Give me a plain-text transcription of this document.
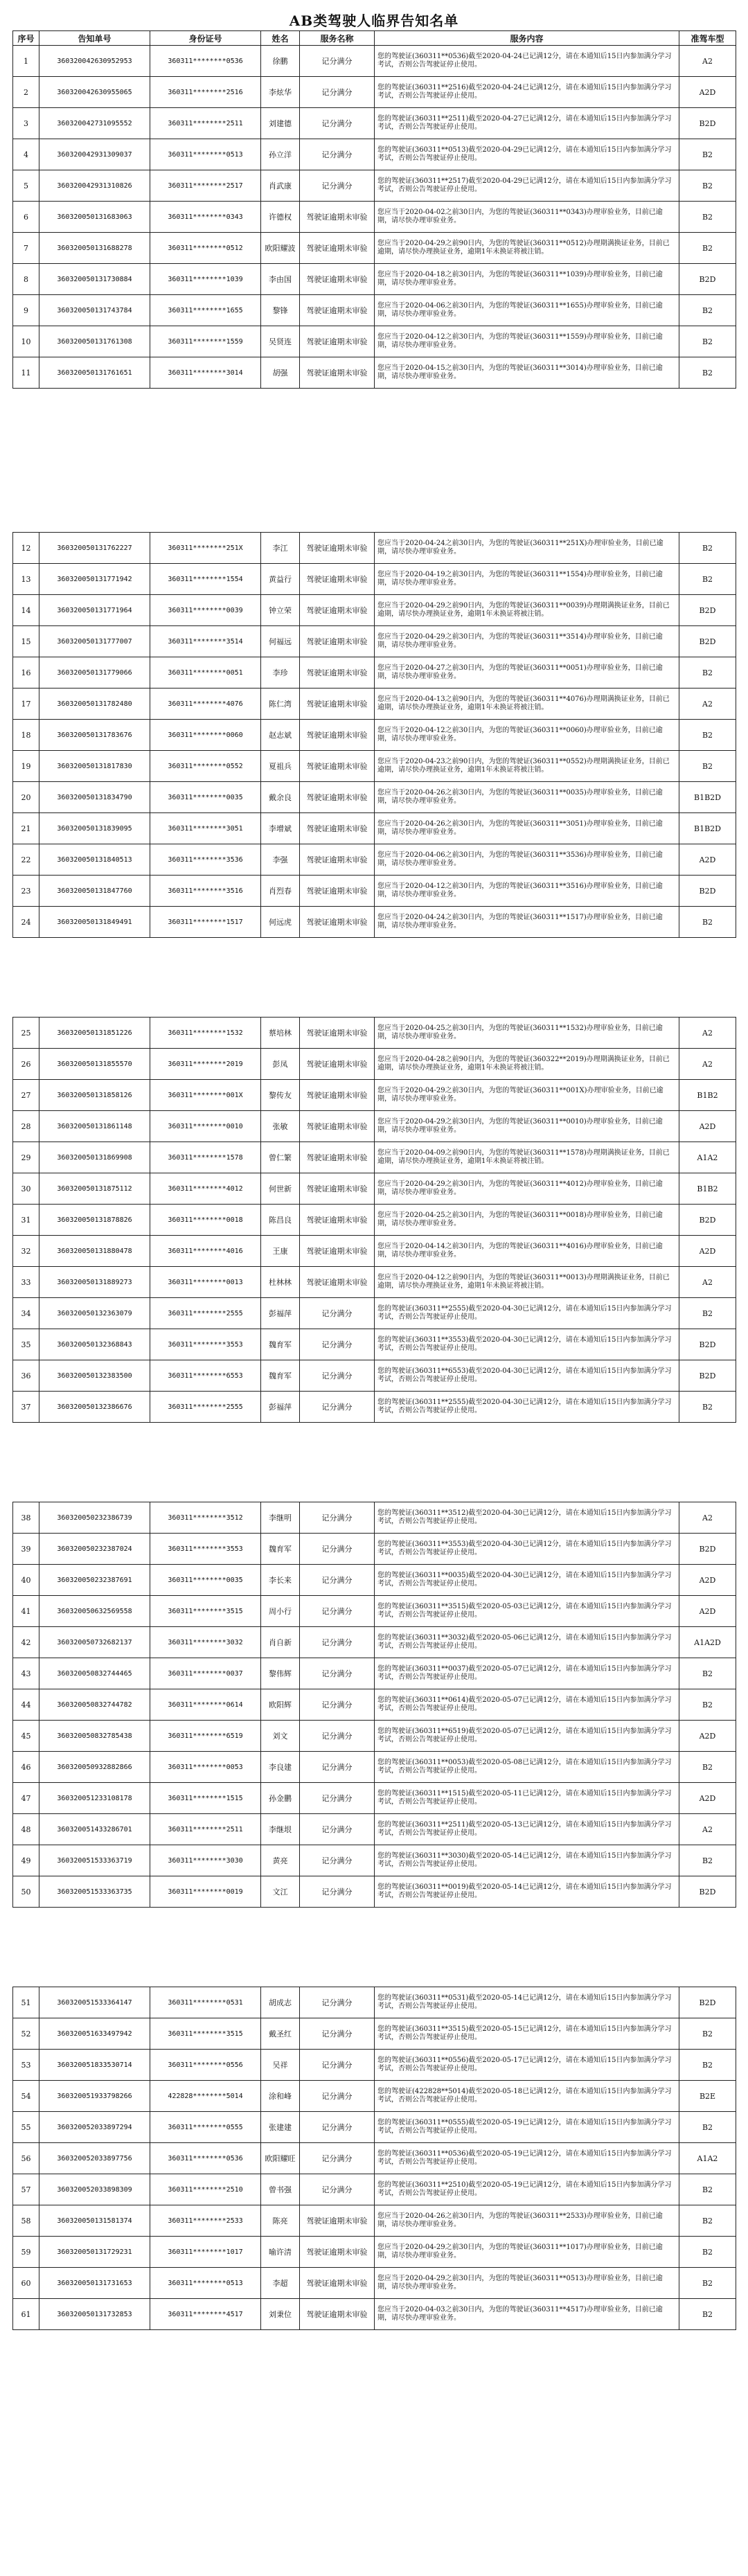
AB类驾驶人临界告知名单
序号	告知单号	身份证号	姓名	服务名称	服务内容	准驾车型
1	360320042630952953	360311********0536	徐鹏	记分满分	您的驾驶证(360311**0536)截至2020-04-24已记满12分，请在本通知后15日内参加满分学习考试，否则公告驾驶证停止使用。	A2
2	360320042630955065	360311********2516	李炫华	记分满分	您的驾驶证(360311**2516)截至2020-04-24已记满12分，请在本通知后15日内参加满分学习考试，否则公告驾驶证停止使用。	A2D
3	360320042731095552	360311********2511	刘建德	记分满分	您的驾驶证(360311**2511)截至2020-04-27已记满12分，请在本通知后15日内参加满分学习考试，否则公告驾驶证停止使用。	B2D
4	360320042931309037	360311********0513	孙立洋	记分满分	您的驾驶证(360311**0513)截至2020-04-29已记满12分，请在本通知后15日内参加满分学习考试，否则公告驾驶证停止使用。	B2
5	360320042931310826	360311********2517	肖武康	记分满分	您的驾驶证(360311**2517)截至2020-04-29已记满12分，请在本通知后15日内参加满分学习考试，否则公告驾驶证停止使用。	B2
6	360320050131683063	360311********0343	许德权	驾驶证逾期未审验	您应当于2020-04-02之前30日内，为您的驾驶证(360311**0343)办理审验业务，目前已逾期，请尽快办理审验业务。	B2
7	360320050131688278	360311********0512	欧阳耀波	驾驶证逾期未审验	您应当于2020-04-29之前90日内，为您的驾驶证(360311**0512)办理期满换证业务，目前已逾期，请尽快办理换证业务，逾期1年未换证将被注销。	B2
8	360320050131730884	360311********1039	李由国	驾驶证逾期未审验	您应当于2020-04-18之前30日内，为您的驾驶证(360311**1039)办理审验业务，目前已逾期，请尽快办理审验业务。	B2D
9	360320050131743784	360311********1655	黎锋	驾驶证逾期未审验	您应当于2020-04-06之前30日内，为您的驾驶证(360311**1655)办理审验业务，目前已逾期，请尽快办理审验业务。	B2
10	360320050131761308	360311********1559	吴贤连	驾驶证逾期未审验	您应当于2020-04-12之前30日内，为您的驾驶证(360311**1559)办理审验业务，目前已逾期，请尽快办理审验业务。	B2
11	360320050131761651	360311********3014	胡强	驾驶证逾期未审验	您应当于2020-04-15之前30日内，为您的驾驶证(360311**3014)办理审验业务，目前已逾期，请尽快办理审验业务。	B2
12	360320050131762227	360311********251X	李江	驾驶证逾期未审验	您应当于2020-04-24之前30日内，为您的驾驶证(360311**251X)办理审验业务，目前已逾期，请尽快办理审验业务。	B2
13	360320050131771942	360311********1554	黄益行	驾驶证逾期未审验	您应当于2020-04-19之前30日内，为您的驾驶证(360311**1554)办理审验业务，目前已逾期，请尽快办理审验业务。	B2
14	360320050131771964	360311********0039	钟立荣	驾驶证逾期未审验	您应当于2020-04-29之前90日内，为您的驾驶证(360311**0039)办理期满换证业务，目前已逾期，请尽快办理换证业务，逾期1年未换证将被注销。	B2D
15	360320050131777007	360311********3514	何福远	驾驶证逾期未审验	您应当于2020-04-29之前30日内，为您的驾驶证(360311**3514)办理审验业务，目前已逾期，请尽快办理审验业务。	B2D
16	360320050131779066	360311********0051	李珍	驾驶证逾期未审验	您应当于2020-04-27之前30日内，为您的驾驶证(360311**0051)办理审验业务，目前已逾期，请尽快办理审验业务。	B2
17	360320050131782480	360311********4076	陈仁湾	驾驶证逾期未审验	您应当于2020-04-13之前90日内，为您的驾驶证(360311**4076)办理期满换证业务，目前已逾期，请尽快办理换证业务，逾期1年未换证将被注销。	A2
18	360320050131783676	360311********0060	赵志斌	驾驶证逾期未审验	您应当于2020-04-12之前30日内，为您的驾驶证(360311**0060)办理审验业务，目前已逾期，请尽快办理审验业务。	B2
19	360320050131817830	360311********0552	夏祖兵	驾驶证逾期未审验	您应当于2020-04-23之前90日内，为您的驾驶证(360311**0552)办理期满换证业务，目前已逾期，请尽快办理换证业务，逾期1年未换证将被注销。	B2
20	360320050131834790	360311********0035	戴余良	驾驶证逾期未审验	您应当于2020-04-26之前30日内，为您的驾驶证(360311**0035)办理审验业务，目前已逾期，请尽快办理审验业务。	B1B2D
21	360320050131839095	360311********3051	李增斌	驾驶证逾期未审验	您应当于2020-04-26之前30日内，为您的驾驶证(360311**3051)办理审验业务，目前已逾期，请尽快办理审验业务。	B1B2D
22	360320050131840513	360311********3536	李强	驾驶证逾期未审验	您应当于2020-04-06之前30日内，为您的驾驶证(360311**3536)办理审验业务，目前已逾期，请尽快办理审验业务。	A2D
23	360320050131847760	360311********3516	肖烈春	驾驶证逾期未审验	您应当于2020-04-12之前30日内，为您的驾驶证(360311**3516)办理审验业务，目前已逾期，请尽快办理审验业务。	B2D
24	360320050131849491	360311********1517	何远虎	驾驶证逾期未审验	您应当于2020-04-24之前30日内，为您的驾驶证(360311**1517)办理审验业务，目前已逾期，请尽快办理审验业务。	B2
25	360320050131851226	360311********1532	蔡培林	驾驶证逾期未审验	您应当于2020-04-25之前30日内，为您的驾驶证(360311**1532)办理审验业务，目前已逾期，请尽快办理审验业务。	A2
26	360320050131855570	360311********2019	彭凤	驾驶证逾期未审验	您应当于2020-04-28之前90日内，为您的驾驶证(360322**2019)办理期满换证业务，目前已逾期，请尽快办理换证业务，逾期1年未换证将被注销。	A2
27	360320050131858126	360311********001X	黎传友	驾驶证逾期未审验	您应当于2020-04-29之前30日内，为您的驾驶证(360311**001X)办理审验业务，目前已逾期，请尽快办理审验业务。	B1B2
28	360320050131861148	360311********0010	张敏	驾驶证逾期未审验	您应当于2020-04-29之前30日内，为您的驾驶证(360311**0010)办理审验业务，目前已逾期，请尽快办理审验业务。	A2D
29	360320050131869908	360311********1578	曾仁繁	驾驶证逾期未审验	您应当于2020-04-09之前90日内，为您的驾驶证(360311**1578)办理期满换证业务，目前已逾期，请尽快办理换证业务，逾期1年未换证将被注销。	A1A2
30	360320050131875112	360311********4012	何世新	驾驶证逾期未审验	您应当于2020-04-29之前30日内，为您的驾驶证(360311**4012)办理审验业务，目前已逾期，请尽快办理审验业务。	B1B2
31	360320050131878826	360311********0018	陈昌良	驾驶证逾期未审验	您应当于2020-04-25之前30日内，为您的驾驶证(360311**0018)办理审验业务，目前已逾期，请尽快办理审验业务。	B2D
32	360320050131880478	360311********4016	王康	驾驶证逾期未审验	您应当于2020-04-14之前30日内，为您的驾驶证(360311**4016)办理审验业务，目前已逾期，请尽快办理审验业务。	A2D
33	360320050131889273	360311********0013	杜林林	驾驶证逾期未审验	您应当于2020-04-12之前90日内，为您的驾驶证(360311**0013)办理期满换证业务，目前已逾期，请尽快办理换证业务，逾期1年未换证将被注销。	A2
34	360320050132363079	360311********2555	彭福萍	记分满分	您的驾驶证(360311**2555)截至2020-04-30已记满12分，请在本通知后15日内参加满分学习考试，否则公告驾驶证停止使用。	B2
35	360320050132368843	360311********3553	魏育军	记分满分	您的驾驶证(360311**3553)截至2020-04-30已记满12分，请在本通知后15日内参加满分学习考试，否则公告驾驶证停止使用。	B2D
36	360320050132383500	360311********6553	魏育军	记分满分	您的驾驶证(360311**6553)截至2020-04-30已记满12分，请在本通知后15日内参加满分学习考试，否则公告驾驶证停止使用。	B2D
37	360320050132386676	360311********2555	彭福萍	记分满分	您的驾驶证(360311**2555)截至2020-04-30已记满12分，请在本通知后15日内参加满分学习考试，否则公告驾驶证停止使用。	B2
38	360320050232386739	360311********3512	李继明	记分满分	您的驾驶证(360311**3512)截至2020-04-30已记满12分，请在本通知后15日内参加满分学习考试，否则公告驾驶证停止使用。	A2
39	360320050232387024	360311********3553	魏育军	记分满分	您的驾驶证(360311**3553)截至2020-04-30已记满12分，请在本通知后15日内参加满分学习考试，否则公告驾驶证停止使用。	B2D
40	360320050232387691	360311********0035	李长来	记分满分	您的驾驶证(360311**0035)截至2020-04-30已记满12分，请在本通知后15日内参加满分学习考试，否则公告驾驶证停止使用。	A2D
41	360320050632569558	360311********3515	周小行	记分满分	您的驾驶证(360311**3515)截至2020-05-03已记满12分，请在本通知后15日内参加满分学习考试，否则公告驾驶证停止使用。	A2D
42	360320050732682137	360311********3032	肖自新	记分满分	您的驾驶证(360311**3032)截至2020-05-06已记满12分，请在本通知后15日内参加满分学习考试，否则公告驾驶证停止使用。	A1A2D
43	360320050832744465	360311********0037	黎伟辉	记分满分	您的驾驶证(360311**0037)截至2020-05-07已记满12分，请在本通知后15日内参加满分学习考试，否则公告驾驶证停止使用。	B2
44	360320050832744782	360311********0614	欧阳辉	记分满分	您的驾驶证(360311**0614)截至2020-05-07已记满12分，请在本通知后15日内参加满分学习考试，否则公告驾驶证停止使用。	B2
45	360320050832785438	360311********6519	刘文	记分满分	您的驾驶证(360311**6519)截至2020-05-07已记满12分，请在本通知后15日内参加满分学习考试，否则公告驾驶证停止使用。	A2D
46	360320050932882866	360311********0053	李良建	记分满分	您的驾驶证(360311**0053)截至2020-05-08已记满12分，请在本通知后15日内参加满分学习考试，否则公告驾驶证停止使用。	B2
47	360320051233108178	360311********1515	孙金鹏	记分满分	您的驾驶证(360311**1515)截至2020-05-11已记满12分，请在本通知后15日内参加满分学习考试，否则公告驾驶证停止使用。	A2D
48	360320051433286701	360311********2511	李继垠	记分满分	您的驾驶证(360311**2511)截至2020-05-13已记满12分，请在本通知后15日内参加满分学习考试，否则公告驾驶证停止使用。	A2
49	360320051533363719	360311********3030	黄亮	记分满分	您的驾驶证(360311**3030)截至2020-05-14已记满12分，请在本通知后15日内参加满分学习考试，否则公告驾驶证停止使用。	B2
50	360320051533363735	360311********0019	文江	记分满分	您的驾驶证(360311**0019)截至2020-05-14已记满12分，请在本通知后15日内参加满分学习考试，否则公告驾驶证停止使用。	B2D
51	360320051533364147	360311********0531	胡成志	记分满分	您的驾驶证(360311**0531)截至2020-05-14已记满12分，请在本通知后15日内参加满分学习考试，否则公告驾驶证停止使用。	B2D
52	360320051633497942	360311********3515	戴圣红	记分满分	您的驾驶证(360311**3515)截至2020-05-15已记满12分，请在本通知后15日内参加满分学习考试，否则公告驾驶证停止使用。	B2
53	360320051833530714	360311********0556	吴祥	记分满分	您的驾驶证(360311**0556)截至2020-05-17已记满12分，请在本通知后15日内参加满分学习考试，否则公告驾驶证停止使用。	B2
54	360320051933798266	422828********5014	涂和峰	记分满分	您的驾驶证(422828**5014)截至2020-05-18已记满12分，请在本通知后15日内参加满分学习考试，否则公告驾驶证停止使用。	B2E
55	360320052033897294	360311********0555	张建建	记分满分	您的驾驶证(360311**0555)截至2020-05-19已记满12分，请在本通知后15日内参加满分学习考试，否则公告驾驶证停止使用。	B2
56	360320052033897756	360311********0536	欧阳耀旺	记分满分	您的驾驶证(360311**0536)截至2020-05-19已记满12分，请在本通知后15日内参加满分学习考试，否则公告驾驶证停止使用。	A1A2
57	360320052033898309	360311********2510	曾书强	记分满分	您的驾驶证(360311**2510)截至2020-05-19已记满12分，请在本通知后15日内参加满分学习考试，否则公告驾驶证停止使用。	B2
58	360320050131581374	360311********2533	陈亮	驾驶证逾期未审验	您应当于2020-04-26之前30日内，为您的驾驶证(360311**2533)办理审验业务，目前已逾期，请尽快办理审验业务。	B2
59	360320050131729231	360311********1017	喻许清	驾驶证逾期未审验	您应当于2020-04-29之前30日内，为您的驾驶证(360311**1017)办理审验业务，目前已逾期，请尽快办理审验业务。	B2
60	360320050131731653	360311********0513	李超	驾驶证逾期未审验	您应当于2020-04-29之前30日内，为您的驾驶证(360311**0513)办理审验业务，目前已逾期，请尽快办理审验业务。	B2
61	360320050131732853	360311********4517	刘秉位	驾驶证逾期未审验	您应当于2020-04-03之前30日内，为您的驾驶证(360311**4517)办理审验业务，目前已逾期，请尽快办理审验业务。	B2
